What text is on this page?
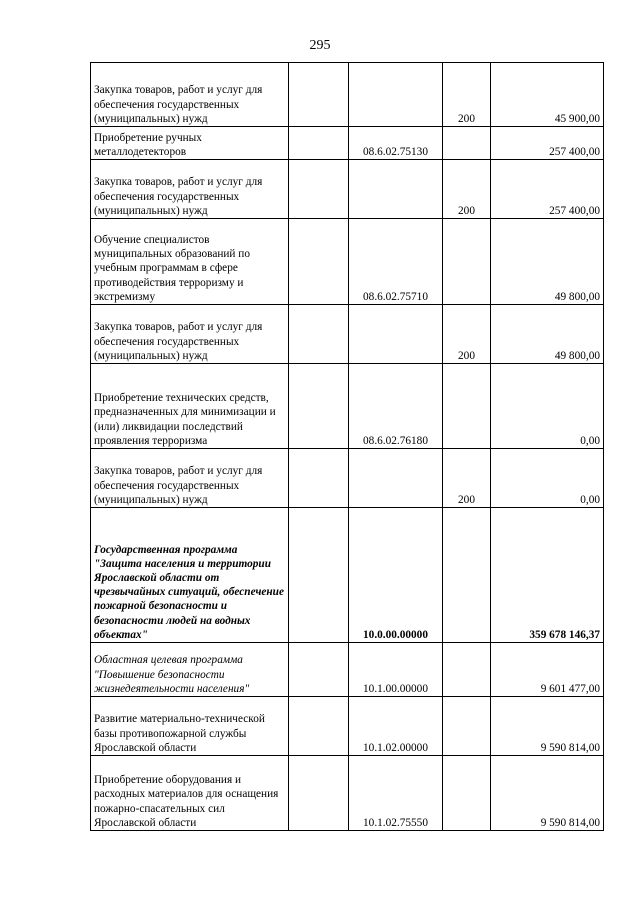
295
Закупка товаров, работ и услуг для обеспечения государственных (муниципальных) нужд			200	45 900,00
Приобретение ручных металлодетекторов		08.6.02.75130		257 400,00
Закупка товаров, работ и услуг для обеспечения государственных (муниципальных) нужд			200	257 400,00
Обучение специалистов муниципальных образований по учебным программам в сфере противодействия терроризму и экстремизму		08.6.02.75710		49 800,00
Закупка товаров, работ и услуг для обеспечения государственных (муниципальных) нужд			200	49 800,00
Приобретение технических средств, предназначенных для минимизации и (или) ликвидации последствий проявления терроризма		08.6.02.76180		0,00
Закупка товаров, работ и услуг для обеспечения государственных (муниципальных) нужд			200	0,00
Государственная программа "Защита населения и территории Ярославской области от чрезвычайных ситуаций, обеспечение пожарной безопасности и безопасности людей на водных объектах"		10.0.00.00000		359 678 146,37
Областная целевая программа "Повышение безопасности жизнедеятельности населения"		10.1.00.00000		9 601 477,00
Развитие материально-технической базы противопожарной службы Ярославской области		10.1.02.00000		9 590 814,00
Приобретение оборудования и расходных материалов для оснащения пожарно-спасательных сил Ярославской области		10.1.02.75550		9 590 814,00
